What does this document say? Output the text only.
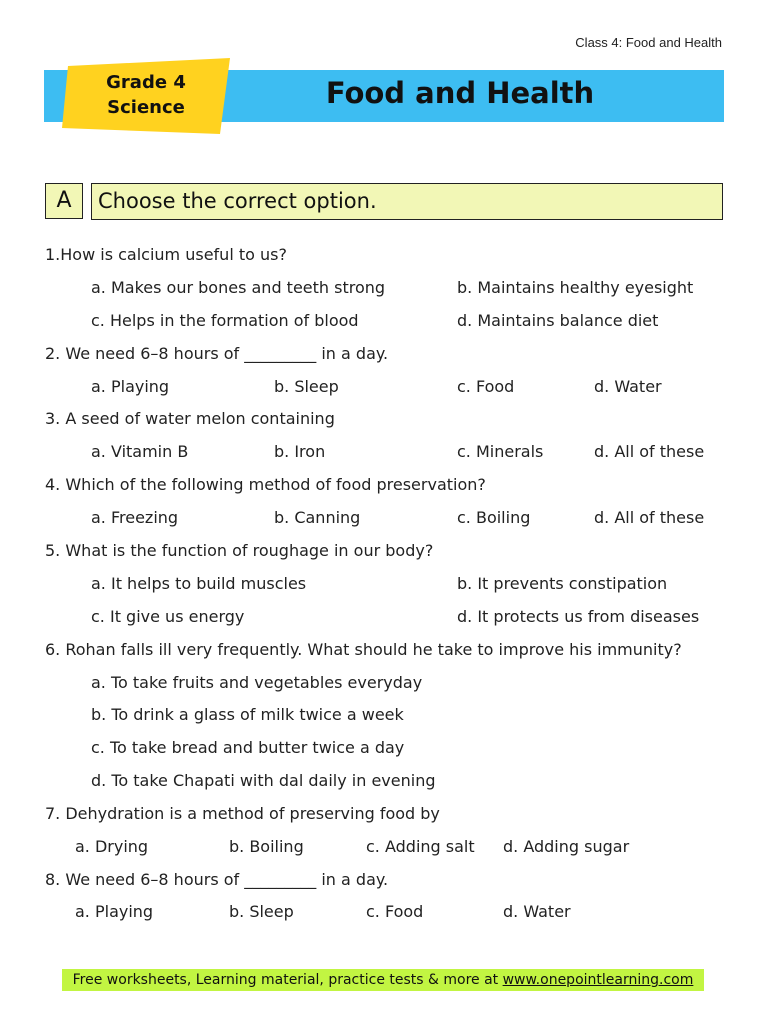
Class 4: Food and Health
Grade 4
Science	Food and Health
A	Choose the correct option.
1.How is calcium useful to us?
a. Makes our bones and teeth strong	b. Maintains healthy eyesight
c. Helps in the formation of blood	d. Maintains balance diet
2. We need 6–8 hours of _________ in a day.
a. Playing	b. Sleep	c. Food	d. Water
3. A seed of water melon containing
a. Vitamin B	b. Iron	c. Minerals	d. All of these
4. Which of the following method of food preservation?
a. Freezing	b. Canning	c. Boiling	d. All of these
5. What is the function of roughage in our body?
a. It helps to build muscles	b. It prevents constipation
c. It give us energy	d. It protects us from diseases
6. Rohan falls ill very frequently. What should he take to improve his immunity?
a. To take fruits and vegetables everyday
b. To drink a glass of milk twice a week
c. To take bread and butter twice a day
d. To take Chapati with dal daily in evening
7. Dehydration is a method of preserving food by
a. Drying	b. Boiling	c. Adding salt d. Adding sugar
8. We need 6–8 hours of _________ in a day.
a. Playing	b. Sleep	c. Food	d. Water
Free worksheets, Learning material, practice tests & more at www.onepointlearning.com
